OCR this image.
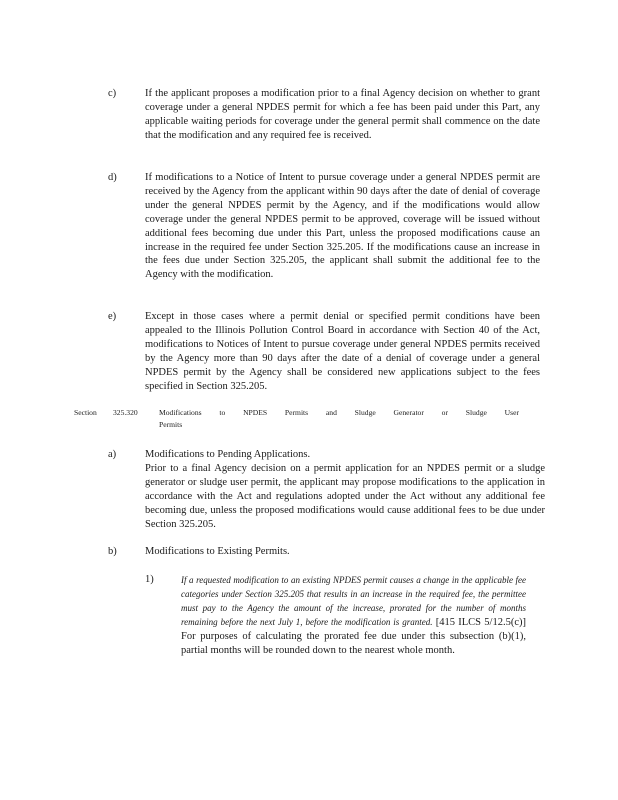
c)	If the applicant proposes a modification prior to a final Agency decision on whether to grant coverage under a general NPDES permit for which a fee has been paid under this Part, any applicable waiting periods for coverage under the general permit shall commence on the date that the modification and any required fee is received.

d)	If modifications to a Notice of Intent to pursue coverage under a general NPDES permit are received by the Agency from the applicant within 90 days after the date of denial of coverage under the general NPDES permit by the Agency, and if the modifications would allow coverage under the general NPDES permit to be approved, coverage will be issued without additional fees becoming due under this Part, unless the proposed modifications cause an increase in the required fee under Section 325.205. If the modifications cause an increase in the fees due under Section 325.205, the applicant shall submit the additional fee to the Agency with the modification.

e)	Except in those cases where a permit denial or specified permit conditions have been appealed to the Illinois Pollution Control Board in accordance with Section 40 of the Act, modifications to Notices of Intent to pursue coverage under general NPDES permits received by the Agency more than 90 days after the date of a denial of coverage under a general NPDES permit by the Agency shall be considered new applications subject to the fees specified in Section 325.205.

Section 325.320	Modifications to NPDES Permits and Sludge Generator or Sludge User
Permits
a)	Modifications to Pending Applications.

Prior to a final Agency decision on a permit application for an NPDES permit or a sludge generator or sludge user permit, the applicant may propose modifications to the application in accordance with the Act and regulations adopted under the Act without any additional fee becoming due, unless the proposed modifications would cause additional fees to be due under Section 325.205.

b)	Modifications to Existing Permits.
1)	If a requested modification to an existing NPDES permit causes a change in the applicable fee categories under Section 325.205 that results in an increase in the required fee, the permittee must pay to the Agency the amount of the increase, prorated for the number of months remaining before the next July 1, before the modification is granted. [415 ILCS 5/12.5(c)] For purposes of calculating the prorated fee due under this subsection (b)(1), partial months will be rounded down to the nearest whole month.
